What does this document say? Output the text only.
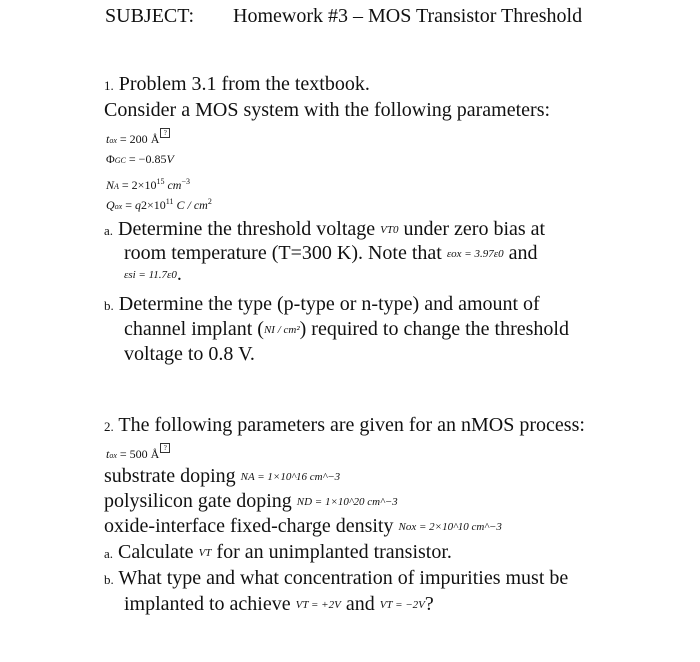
SUBJECT: Homework #3 – MOS Transistor Threshold
1. Problem 3.1 from the textbook.
Consider a MOS system with the following parameters:
tox = 200 Å ?
ΦGC = −0.85V
NA = $2\times 10^{15}$ $cm^{-3}$
Qox = $q2\times 10^{11}$ C / $cm^2$
a. Determine the threshold voltage VT0 under zero bias at
room temperature (T=300 K). Note that εox = 3.97ε0 and
εsi = 11.7ε0.
b. Determine the type (p-type or n-type) and amount of
channel implant (NI / cm²) required to change the threshold
voltage to 0.8 V.
2. The following parameters are given for an nMOS process:
tox = 500 Å ?
substrate doping NA = 1×10^16 cm^−3
polysilicon gate doping ND = 1×10^20 cm^−3
oxide-interface fixed-charge density Nox = 2×10^10 cm^−3
a. Calculate VT for an unimplanted transistor.
b. What type and what concentration of impurities must be
implanted to achieve VT = +2V and VT = −2V?
